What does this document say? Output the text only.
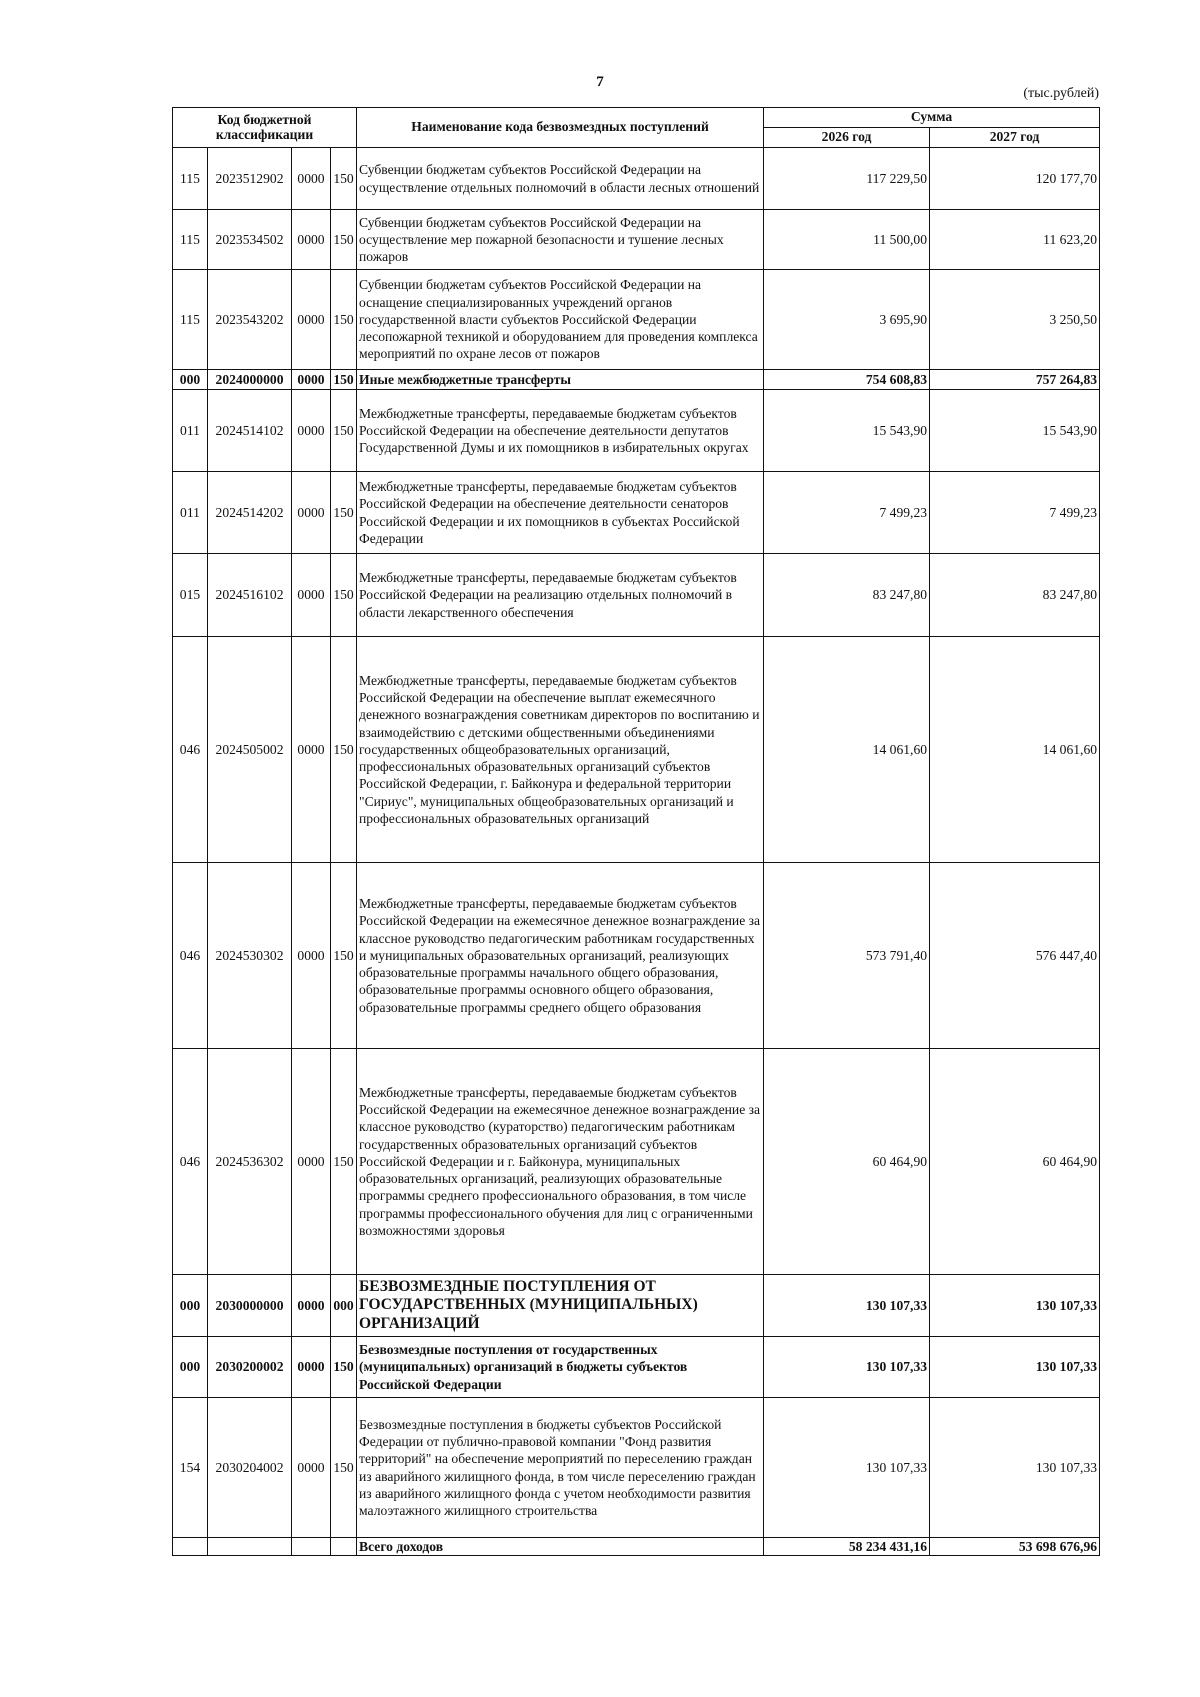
7
(тыс.рублей)
Код бюджетной классификации				Наименование кода безвозмездных поступлений	Сумма	
					2026 год	2027 год
115	2023512902	0000	150	Субвенции бюджетам субъектов Российской Федерации на осуществление отдельных полномочий в области лесных отношений	117 229,50	120 177,70
115	2023534502	0000	150	Субвенции бюджетам субъектов Российской Федерации на осуществление мер пожарной безопасности и тушение лесных пожаров	11 500,00	11 623,20
115	2023543202	0000	150	Субвенции бюджетам субъектов Российской Федерации на оснащение специализированных учреждений органов государственной власти субъектов Российской Федерации лесопожарной техникой и оборудованием для проведения комплекса мероприятий по охране лесов от пожаров	3 695,90	3 250,50
000	2024000000	0000	150	Иные межбюджетные трансферты	754 608,83	757 264,83
011	2024514102	0000	150	Межбюджетные трансферты, передаваемые бюджетам субъектов Российской Федерации на обеспечение деятельности депутатов Государственной Думы и их помощников в избирательных округах	15 543,90	15 543,90
011	2024514202	0000	150	Межбюджетные трансферты, передаваемые бюджетам субъектов Российской Федерации на обеспечение деятельности сенаторов Российской Федерации и их помощников в субъектах Российской Федерации	7 499,23	7 499,23
015	2024516102	0000	150	Межбюджетные трансферты, передаваемые бюджетам субъектов Российской Федерации на реализацию отдельных полномочий в области лекарственного обеспечения	83 247,80	83 247,80
046	2024505002	0000	150	Межбюджетные трансферты, передаваемые бюджетам субъектов Российской Федерации на обеспечение выплат ежемесячного денежного вознаграждения советникам директоров по воспитанию и взаимодействию с детскими общественными объединениями государственных общеобразовательных организаций, профессиональных образовательных организаций субъектов Российской Федерации, г. Байконура и федеральной территории "Сириус", муниципальных общеобразовательных организаций и профессиональных образовательных организаций	14 061,60	14 061,60
046	2024530302	0000	150	Межбюджетные трансферты, передаваемые бюджетам субъектов Российской Федерации на ежемесячное денежное вознаграждение за классное руководство педагогическим работникам государственных и муниципальных образовательных организаций, реализующих образовательные программы начального общего образования, образовательные программы основного общего образования, образовательные программы среднего общего образования	573 791,40	576 447,40
046	2024536302	0000	150	Межбюджетные трансферты, передаваемые бюджетам субъектов Российской Федерации на ежемесячное денежное вознаграждение за классное руководство (кураторство) педагогическим работникам государственных образовательных организаций субъектов Российской Федерации и г. Байконура, муниципальных образовательных организаций, реализующих образовательные программы среднего профессионального образования, в том числе программы профессионального обучения для лиц с ограниченными возможностями здоровья	60 464,90	60 464,90
000	2030000000	0000	000	БЕЗВОЗМЕЗДНЫЕ ПОСТУПЛЕНИЯ ОТ ГОСУДАРСТВЕННЫХ (МУНИЦИПАЛЬНЫХ) ОРГАНИЗАЦИЙ	130 107,33	130 107,33
000	2030200002	0000	150	Безвозмездные поступления от государственных (муниципальных) организаций в бюджеты субъектов Российской Федерации	130 107,33	130 107,33
154	2030204002	0000	150	Безвозмездные поступления в бюджеты субъектов Российской Федерации от публично-правовой компании "Фонд развития территорий" на обеспечение мероприятий по переселению граждан из аварийного жилищного фонда, в том числе переселению граждан из аварийного жилищного фонда с учетом необходимости развития малоэтажного жилищного строительства	130 107,33	130 107,33
				Всего доходов	58 234 431,16	53 698 676,96
